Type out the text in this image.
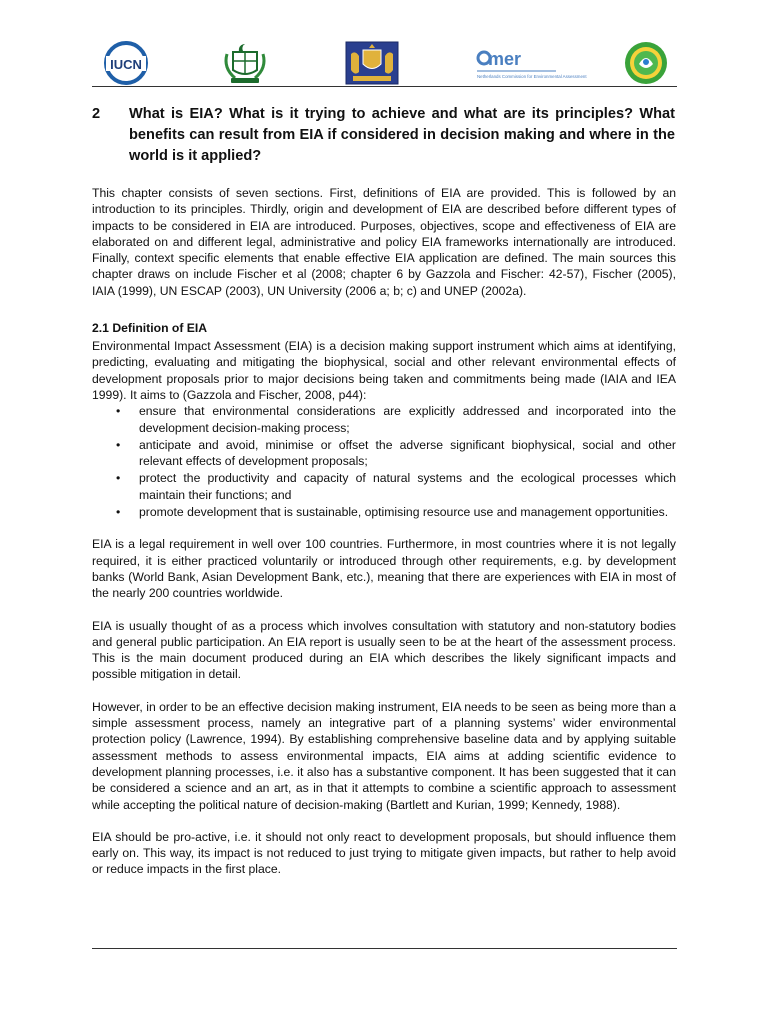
IUCN	mer
Netherlands Commission for Environmental Assessment
2 What is EIA? What is it trying to achieve and what are its principles? What benefits can result from EIA if considered in decision making and where in the world is it applied?

This chapter consists of seven sections. First, definitions of EIA are provided. This is followed by an introduction to its principles. Thirdly, origin and development of EIA are described before different types of impacts to be considered in EIA are introduced. Purposes, objectives, scope and effectiveness of EIA are elaborated on and different legal, administrative and policy EIA frameworks internationally are introduced. Finally, context specific elements that enable effective EIA application are defined. The main sources this chapter draws on include Fischer et al (2008; chapter 6 by Gazzola and Fischer: 42-57), Fischer (2005), IAIA (1999), UN ESCAP (2003), UN University (2006 a; b; c) and UNEP (2002a).

2.1 Definition of EIA

Environmental Impact Assessment (EIA) is a decision making support instrument which aims at identifying, predicting, evaluating and mitigating the biophysical, social and other relevant environmental effects of development proposals prior to major decisions being taken and commitments being made (IAIA and IEA 1999). It aims to (Gazzola and Fischer, 2008, p44):

• ensure that environmental considerations are explicitly addressed and incorporated into the development decision-making process;
• anticipate and avoid, minimise or offset the adverse significant biophysical, social and other relevant effects of development proposals;
• protect the productivity and capacity of natural systems and the ecological processes which maintain their functions; and
• promote development that is sustainable, optimising resource use and management opportunities.

EIA is a legal requirement in well over 100 countries. Furthermore, in most countries where it is not legally required, it is either practiced voluntarily or introduced through other requirements, e.g. by development banks (World Bank, Asian Development Bank, etc.), meaning that there are experiences with EIA in most of the nearly 200 countries worldwide.

EIA is usually thought of as a process which involves consultation with statutory and non-statutory bodies and general public participation. An EIA report is usually seen to be at the heart of the assessment process. This is the main document produced during an EIA which describes the likely significant impacts and possible mitigation in detail.

However, in order to be an effective decision making instrument, EIA needs to be seen as being more than a simple assessment process, namely an integrative part of a planning systems’ wider environmental protection policy (Lawrence, 1994). By establishing comprehensive baseline data and by applying suitable assessment methods to assess environmental impacts, EIA aims at adding scientific evidence to development planning processes, i.e. it also has a substantive component. It has been suggested that it can be considered a science and an art, as in that it attempts to combine a scientific approach to assessment while accepting the political nature of decision-making (Bartlett and Kurian, 1999; Kennedy, 1988).

EIA should be pro-active, i.e. it should not only react to development proposals, but should influence them early on. This way, its impact is not reduced to just trying to mitigate given impacts, but rather to help avoid or reduce impacts in the first place.
